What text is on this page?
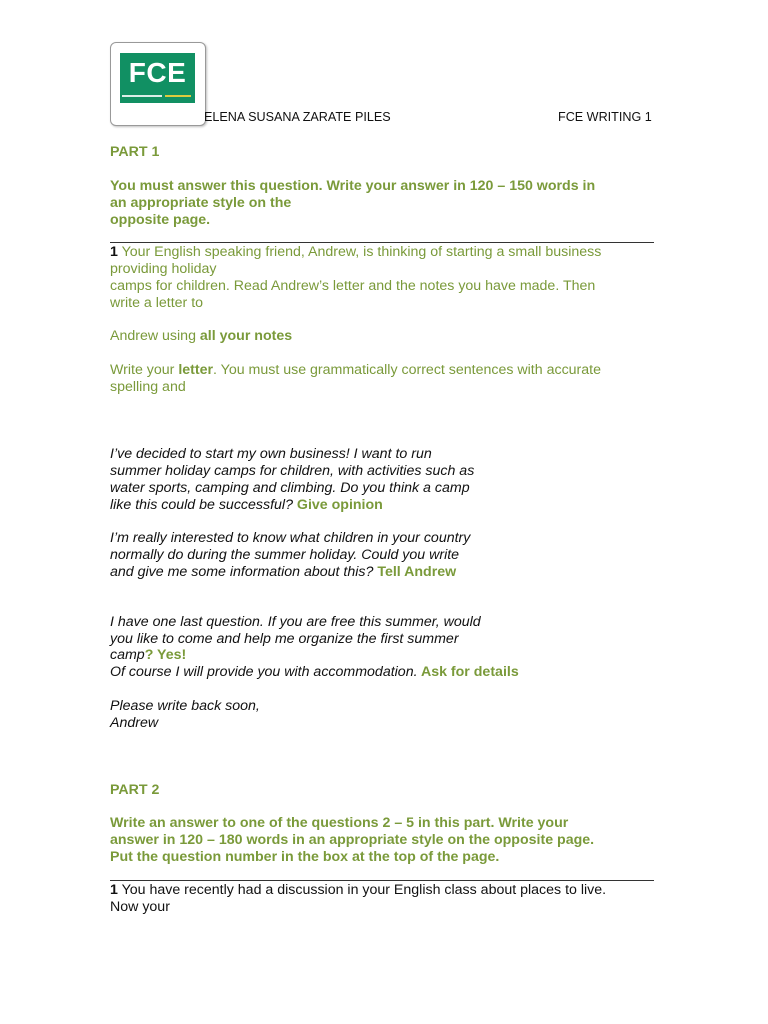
FCE
ELENA SUSANA ZARATE PILES	FCE WRITING 1
PART 1
You must answer this question. Write your answer in 120 – 150 words in
an appropriate style on the
opposite page.
1 Your English speaking friend, Andrew, is thinking of starting a small business
providing holiday
camps for children. Read Andrew’s letter and the notes you have made. Then
write a letter to
Andrew using all your notes
Write your letter. You must use grammatically correct sentences with accurate
spelling and
I’ve decided to start my own business! I want to run
summer holiday camps for children, with activities such as
water sports, camping and climbing. Do you think a camp
like this could be successful? Give opinion
I’m really interested to know what children in your country
normally do during the summer holiday. Could you write
and give me some information about this? Tell Andrew
I have one last question. If you are free this summer, would
you like to come and help me organize the first summer
camp? Yes!
Of course I will provide you with accommodation. Ask for details
Please write back soon,
Andrew
PART 2
Write an answer to one of the questions 2 – 5 in this part. Write your
answer in 120 – 180 words in an appropriate style on the opposite page.
Put the question number in the box at the top of the page.
1 You have recently had a discussion in your English class about places to live.
Now your
